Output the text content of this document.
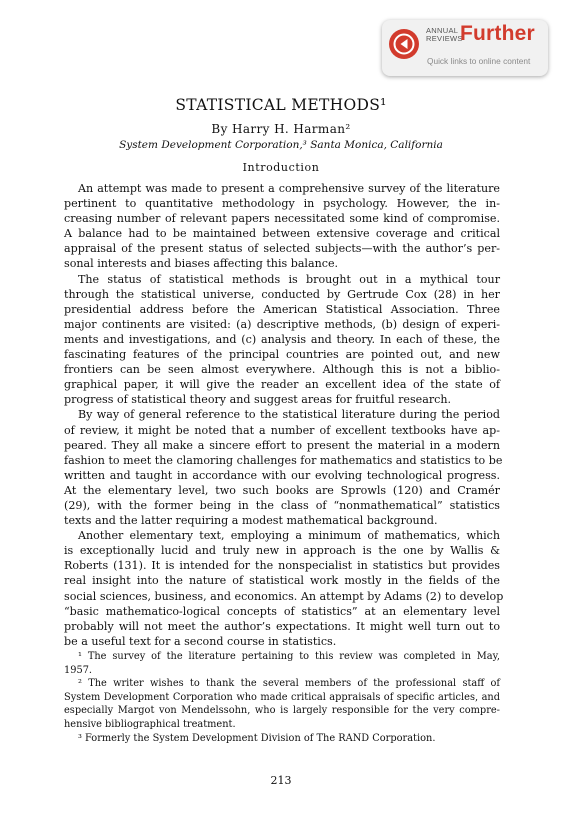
ANNUAL
REVIEWS
Further
Quick links to online content
STATISTICAL METHODS¹
By Harry H. Harman²
System Development Corporation,³ Santa Monica, California
Introduction
An attempt was made to present a comprehensive survey of the literature
pertinent to quantitative methodology in psychology. However, the in-
creasing number of relevant papers necessitated some kind of compromise.
A balance had to be maintained between extensive coverage and critical
appraisal of the present status of selected subjects—with the author’s per-
sonal interests and biases affecting this balance.
The status of statistical methods is brought out in a mythical tour
through the statistical universe, conducted by Gertrude Cox (28) in her
presidential address before the American Statistical Association. Three
major continents are visited: (a) descriptive methods, (b) design of experi-
ments and investigations, and (c) analysis and theory. In each of these, the
fascinating features of the principal countries are pointed out, and new
frontiers can be seen almost everywhere. Although this is not a biblio-
graphical paper, it will give the reader an excellent idea of the state of
progress of statistical theory and suggest areas for fruitful research.
By way of general reference to the statistical literature during the period
of review, it might be noted that a number of excellent textbooks have ap-
peared. They all make a sincere effort to present the material in a modern
fashion to meet the clamoring challenges for mathematics and statistics to be
written and taught in accordance with our evolving technological progress.
At the elementary level, two such books are Sprowls (120) and Cramér
(29), with the former being in the class of “nonmathematical” statistics
texts and the latter requiring a modest mathematical background.
Another elementary text, employing a minimum of mathematics, which
is exceptionally lucid and truly new in approach is the one by Wallis &
Roberts (131). It is intended for the nonspecialist in statistics but provides
real insight into the nature of statistical work mostly in the fields of the
social sciences, business, and economics. An attempt by Adams (2) to develop
“basic mathematico-logical concepts of statistics” at an elementary level
probably will not meet the author’s expectations. It might well turn out to
be a useful text for a second course in statistics.
¹ The survey of the literature pertaining to this review was completed in May,
1957.
² The writer wishes to thank the several members of the professional staff of
System Development Corporation who made critical appraisals of specific articles, and
especially Margot von Mendelssohn, who is largely responsible for the very compre-
hensive bibliographical treatment.
³ Formerly the System Development Division of The RAND Corporation.
213
